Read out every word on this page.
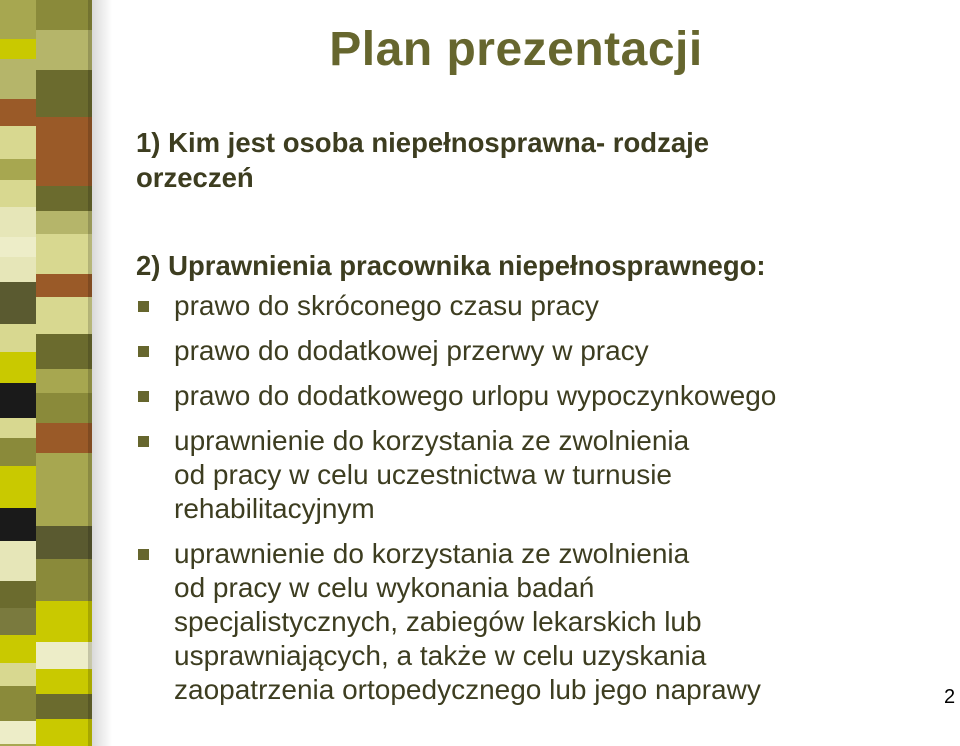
Plan prezentacji
1) Kim jest osoba niepełnosprawna- rodzaje
orzeczeń
2) Uprawnienia pracownika niepełnosprawnego:
prawo do skróconego czasu pracy
prawo do dodatkowej przerwy w pracy
prawo do dodatkowego urlopu wypoczynkowego
uprawnienie do korzystania ze zwolnienia
od pracy w celu uczestnictwa w turnusie
rehabilitacyjnym
uprawnienie do korzystania ze zwolnienia
od pracy w celu wykonania badań
specjalistycznych, zabiegów lekarskich lub
usprawniających, a także w celu uzyskania
zaopatrzenia ortopedycznego lub jego naprawy	2
